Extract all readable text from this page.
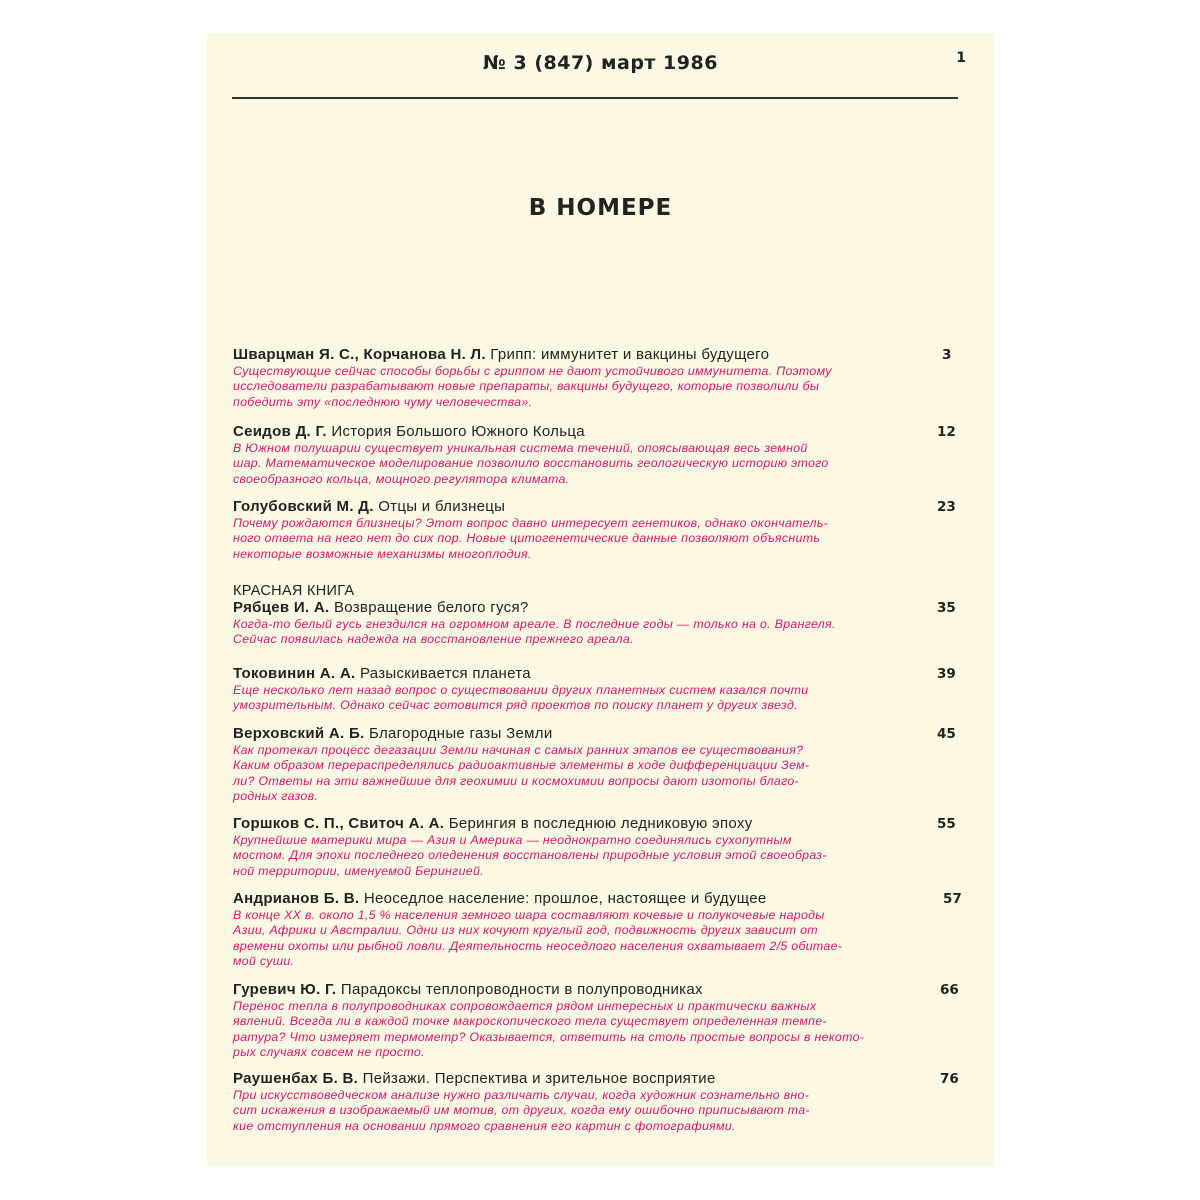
№ 3 (847) март 1986	1
В НОМЕРЕ
КРАСНАЯ КНИГА
Шварцман Я. С., Корчанова Н. Л. Грипп: иммунитет и вакцины будущего
Существующие сейчас способы борьбы с гриппом не дают устойчивого иммунитета. Поэтому
исследователи разрабатывают новые препараты, вакцины будущего, которые позволили бы
победить эту «последнюю чуму человечества».
3
Сеидов Д. Г. История Большого Южного Кольца
В Южном полушарии существует уникальная система течений, опоясывающая весь земной
шар. Математическое моделирование позволило восстановить геологическую историю этого
своеобразного кольца, мощного регулятора климата.
12
Голубовский М. Д. Отцы и близнецы
Почему рождаются близнецы? Этот вопрос давно интересует генетиков, однако окончатель-
ного ответа на него нет до сих пор. Новые цитогенетические данные позволяют объяснить
некоторые возможные механизмы многоплодия.
23
Рябцев И. А. Возвращение белого гуся?
Когда-то белый гусь гнездился на огромном ареале. В последние годы — только на о. Врангеля.
Сейчас появилась надежда на восстановление прежнего ареала.
35
Токовинин А. А. Разыскивается планета
Еще несколько лет назад вопрос о существовании других планетных систем казался почти
умозрительным. Однако сейчас готовится ряд проектов по поиску планет у других звезд.
39
Верховский А. Б. Благородные газы Земли
Как протекал процесс дегазации Земли начиная с самых ранних этапов ее существования?
Каким образом перераспределялись радиоактивные элементы в ходе дифференциации Зем-
ли? Ответы на эти важнейшие для геохимии и космохимии вопросы дают изотопы благо-
родных газов.
45
Горшков С. П., Свиточ А. А. Берингия в последнюю ледниковую эпоху
Крупнейшие материки мира — Азия и Америка — неоднократно соединялись сухопутным
мостом. Для эпохи последнего оледенения восстановлены природные условия этой своеобраз-
ной территории, именуемой Берингией.
55
Андрианов Б. В. Неоседлое население: прошлое, настоящее и будущее
В конце XX в. около 1,5 % населения земного шара составляют кочевые и полукочевые народы
Азии, Африки и Австралии. Одни из них кочуют круглый год, подвижность других зависит от
времени охоты или рыбной ловли. Деятельность неоседлого населения охватывает 2/5 обитае-
мой суши.
57
Гуревич Ю. Г. Парадоксы теплопроводности в полупроводниках
Перенос тепла в полупроводниках сопровождается рядом интересных и практически важных
явлений. Всегда ли в каждой точке макроскопического тела существует определенная темпе-
ратура? Что измеряет термометр? Оказывается, ответить на столь простые вопросы в некото-
рых случаях совсем не просто.
66
Раушенбах Б. В. Пейзажи. Перспектива и зрительное восприятие
При искусствоведческом анализе нужно различать случаи, когда художник сознательно вно-
сит искажения в изображаемый им мотив, от других, когда ему ошибочно приписывают та-
кие отступления на основании прямого сравнения его картин с фотографиями.
76
